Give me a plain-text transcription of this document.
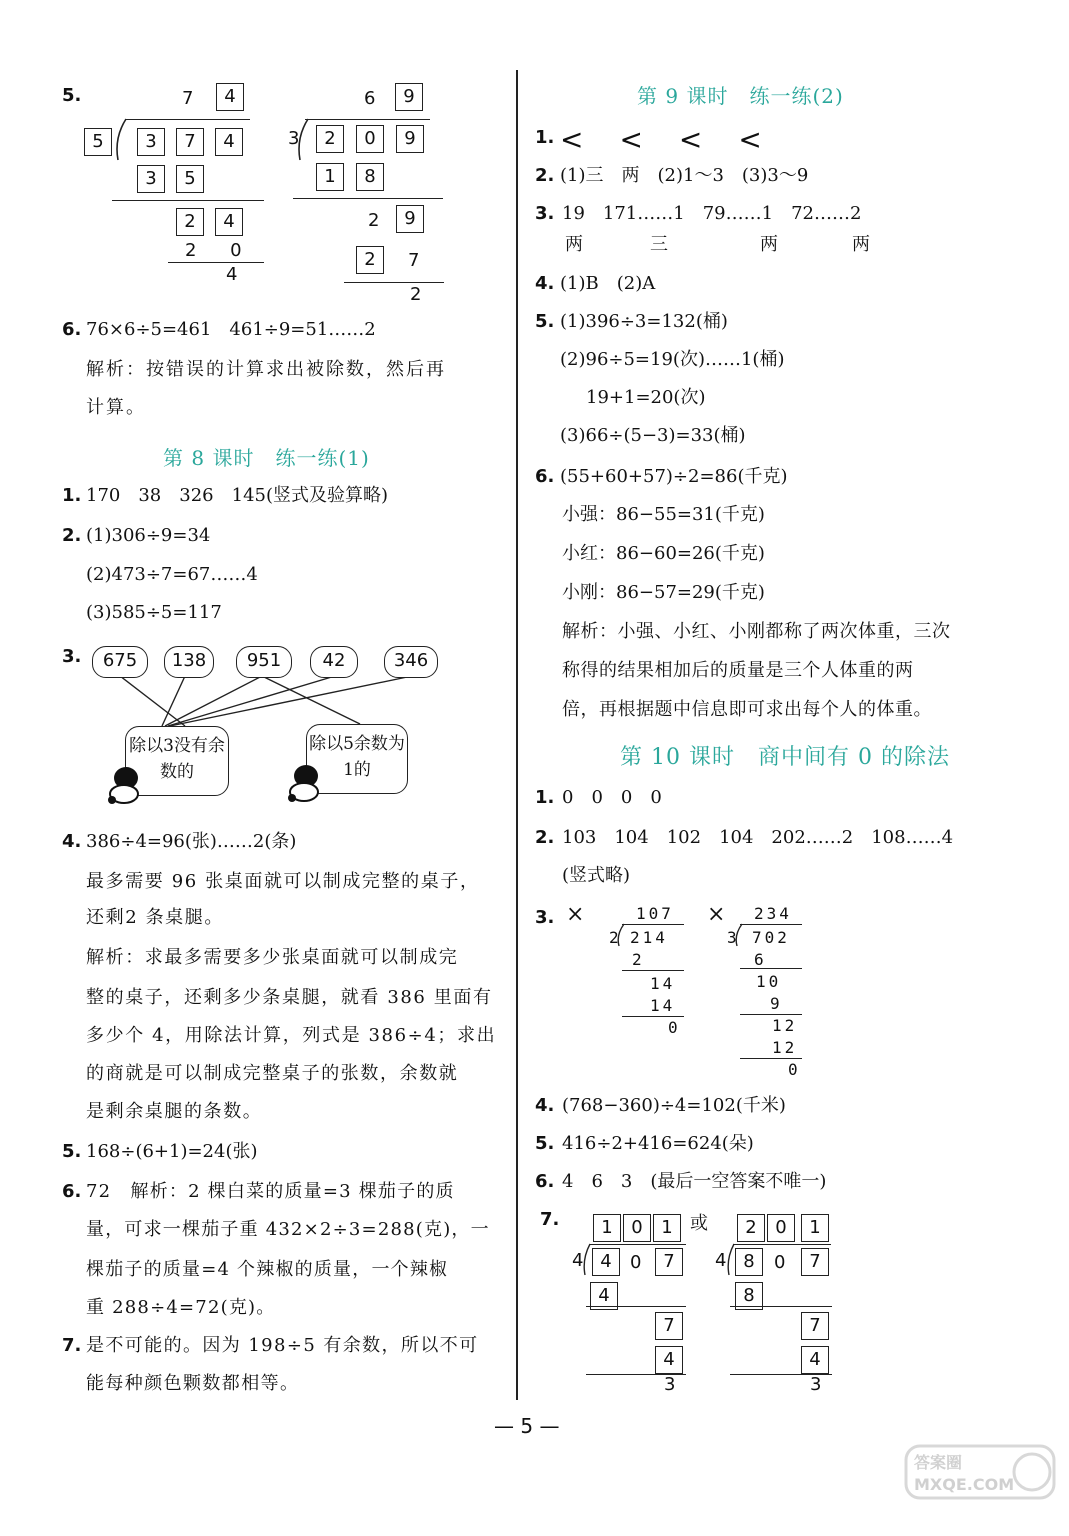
5.	7	4
5	3	7	4
3	5
2	4
2 0
4
6	9
3	2	0	9
1	8
2	9
2	7
2
6. 76×6÷5=461　461÷9=51……2
解析：按错误的计算求出被除数，然后再
计算。
第 8 课时　练一练(1)
1. 170　38　326　145(竖式及验算略)
2. (1)306÷9=34
(2)473÷7=67……4
(3)585÷5=117
3.	675	138	951	42	346
除以3没有余数的
除以5余数为1的
4. 386÷4=96(张)……2(条)
最多需要 96 张桌面就可以制成完整的桌子，
还剩2 条桌腿。
解析：求最多需要多少张桌面就可以制成完
整的桌子，还剩多少条桌腿，就看 386 里面有
多少个 4，用除法计算，列式是 386÷4；求出
的商就是可以制成完整桌子的张数，余数就
是剩余桌腿的条数。
5. 168÷(6+1)=24(张)
6. 72　解析：2 棵白菜的质量=3 棵茄子的质
量，可求一棵茄子重 432×2÷3=288(克)，一
棵茄子的质量=4 个辣椒的质量，一个辣椒
重 288÷4=72(克)。
7. 是不可能的。因为 198÷5 有余数，所以不可
能每种颜色颗数都相等。
第 9 课时　练一练(2)
1. <　<　<　<
2. (1)三　两　(2)1～3　(3)3～9
3. 19　171……1　79……1　72……2
两	三	两	两
4. (1)B　(2)A
5. (1)396÷3=132(桶)
(2)96÷5=19(次)……1(桶)
19+1=20(次)
(3)66÷(5−3)=33(桶)
6. (55+60+57)÷2=86(千克)
小强：86−55=31(千克)
小红：86−60=26(千克)
小刚：86−57=29(千克)
解析：小强、小红、小刚都称了两次体重，三次
称得的结果相加后的质量是三个人体重的两
倍，再根据题中信息即可求出每个人的体重。
第 10 课时　商中间有 0 的除法
1. 0　0　0　0
2. 103　104　102　104　202……2　108……4
(竖式略)
3. ×	×
107
2 214
2
14
14
0
234
3 702
6
10
9
12
12
0
4. (768−360)÷4=102(千米)
5. 416÷2+416=624(朵)
6. 4　6　3　(最后一空答案不唯一)
7.	或
1	0	1
4 4	0	7
4
7
4
3
2	0	1
4 8	0	7
8
7
4
3
— 5 —
答案圈 MXQE.COM
